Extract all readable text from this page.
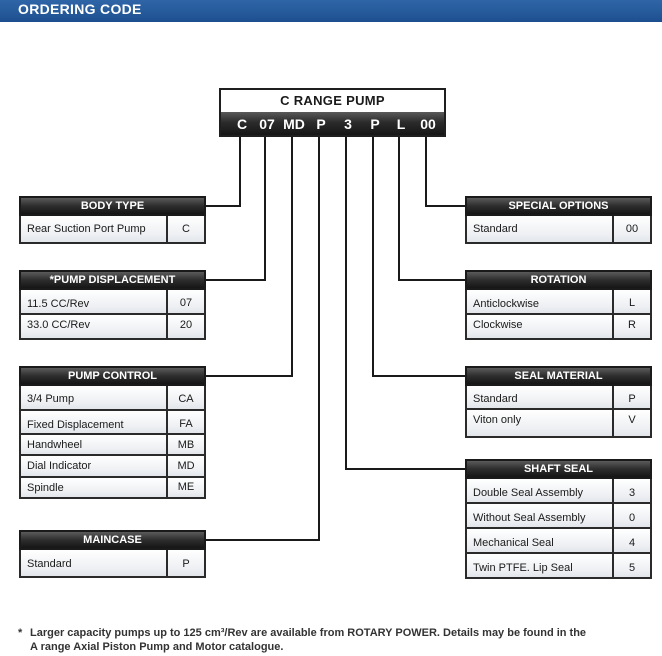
ORDERING CODE
C RANGE PUMP
C 07 MD P 3 P L 00
BODY TYPE
Rear Suction Port Pump	C
*PUMP DISPLACEMENT
11.5 CC/Rev	07
33.0 CC/Rev	20
PUMP CONTROL
3/4 Pump	CA
Fixed Displacement	FA
Handwheel	MB
Dial Indicator	MD
Spindle	ME
MAINCASE
Standard	P
SPECIAL OPTIONS
Standard	00
ROTATION
Anticlockwise	L
Clockwise	R
SEAL MATERIAL
Standard	P
Viton only	V
SHAFT SEAL
Double Seal Assembly	3
Without Seal Assembly	0
Mechanical Seal	4
Twin PTFE. Lip Seal	5
* Larger capacity pumps up to 125 cm³/Rev are available from ROTARY POWER. Details may be found in the
A range Axial Piston Pump and Motor catalogue.
